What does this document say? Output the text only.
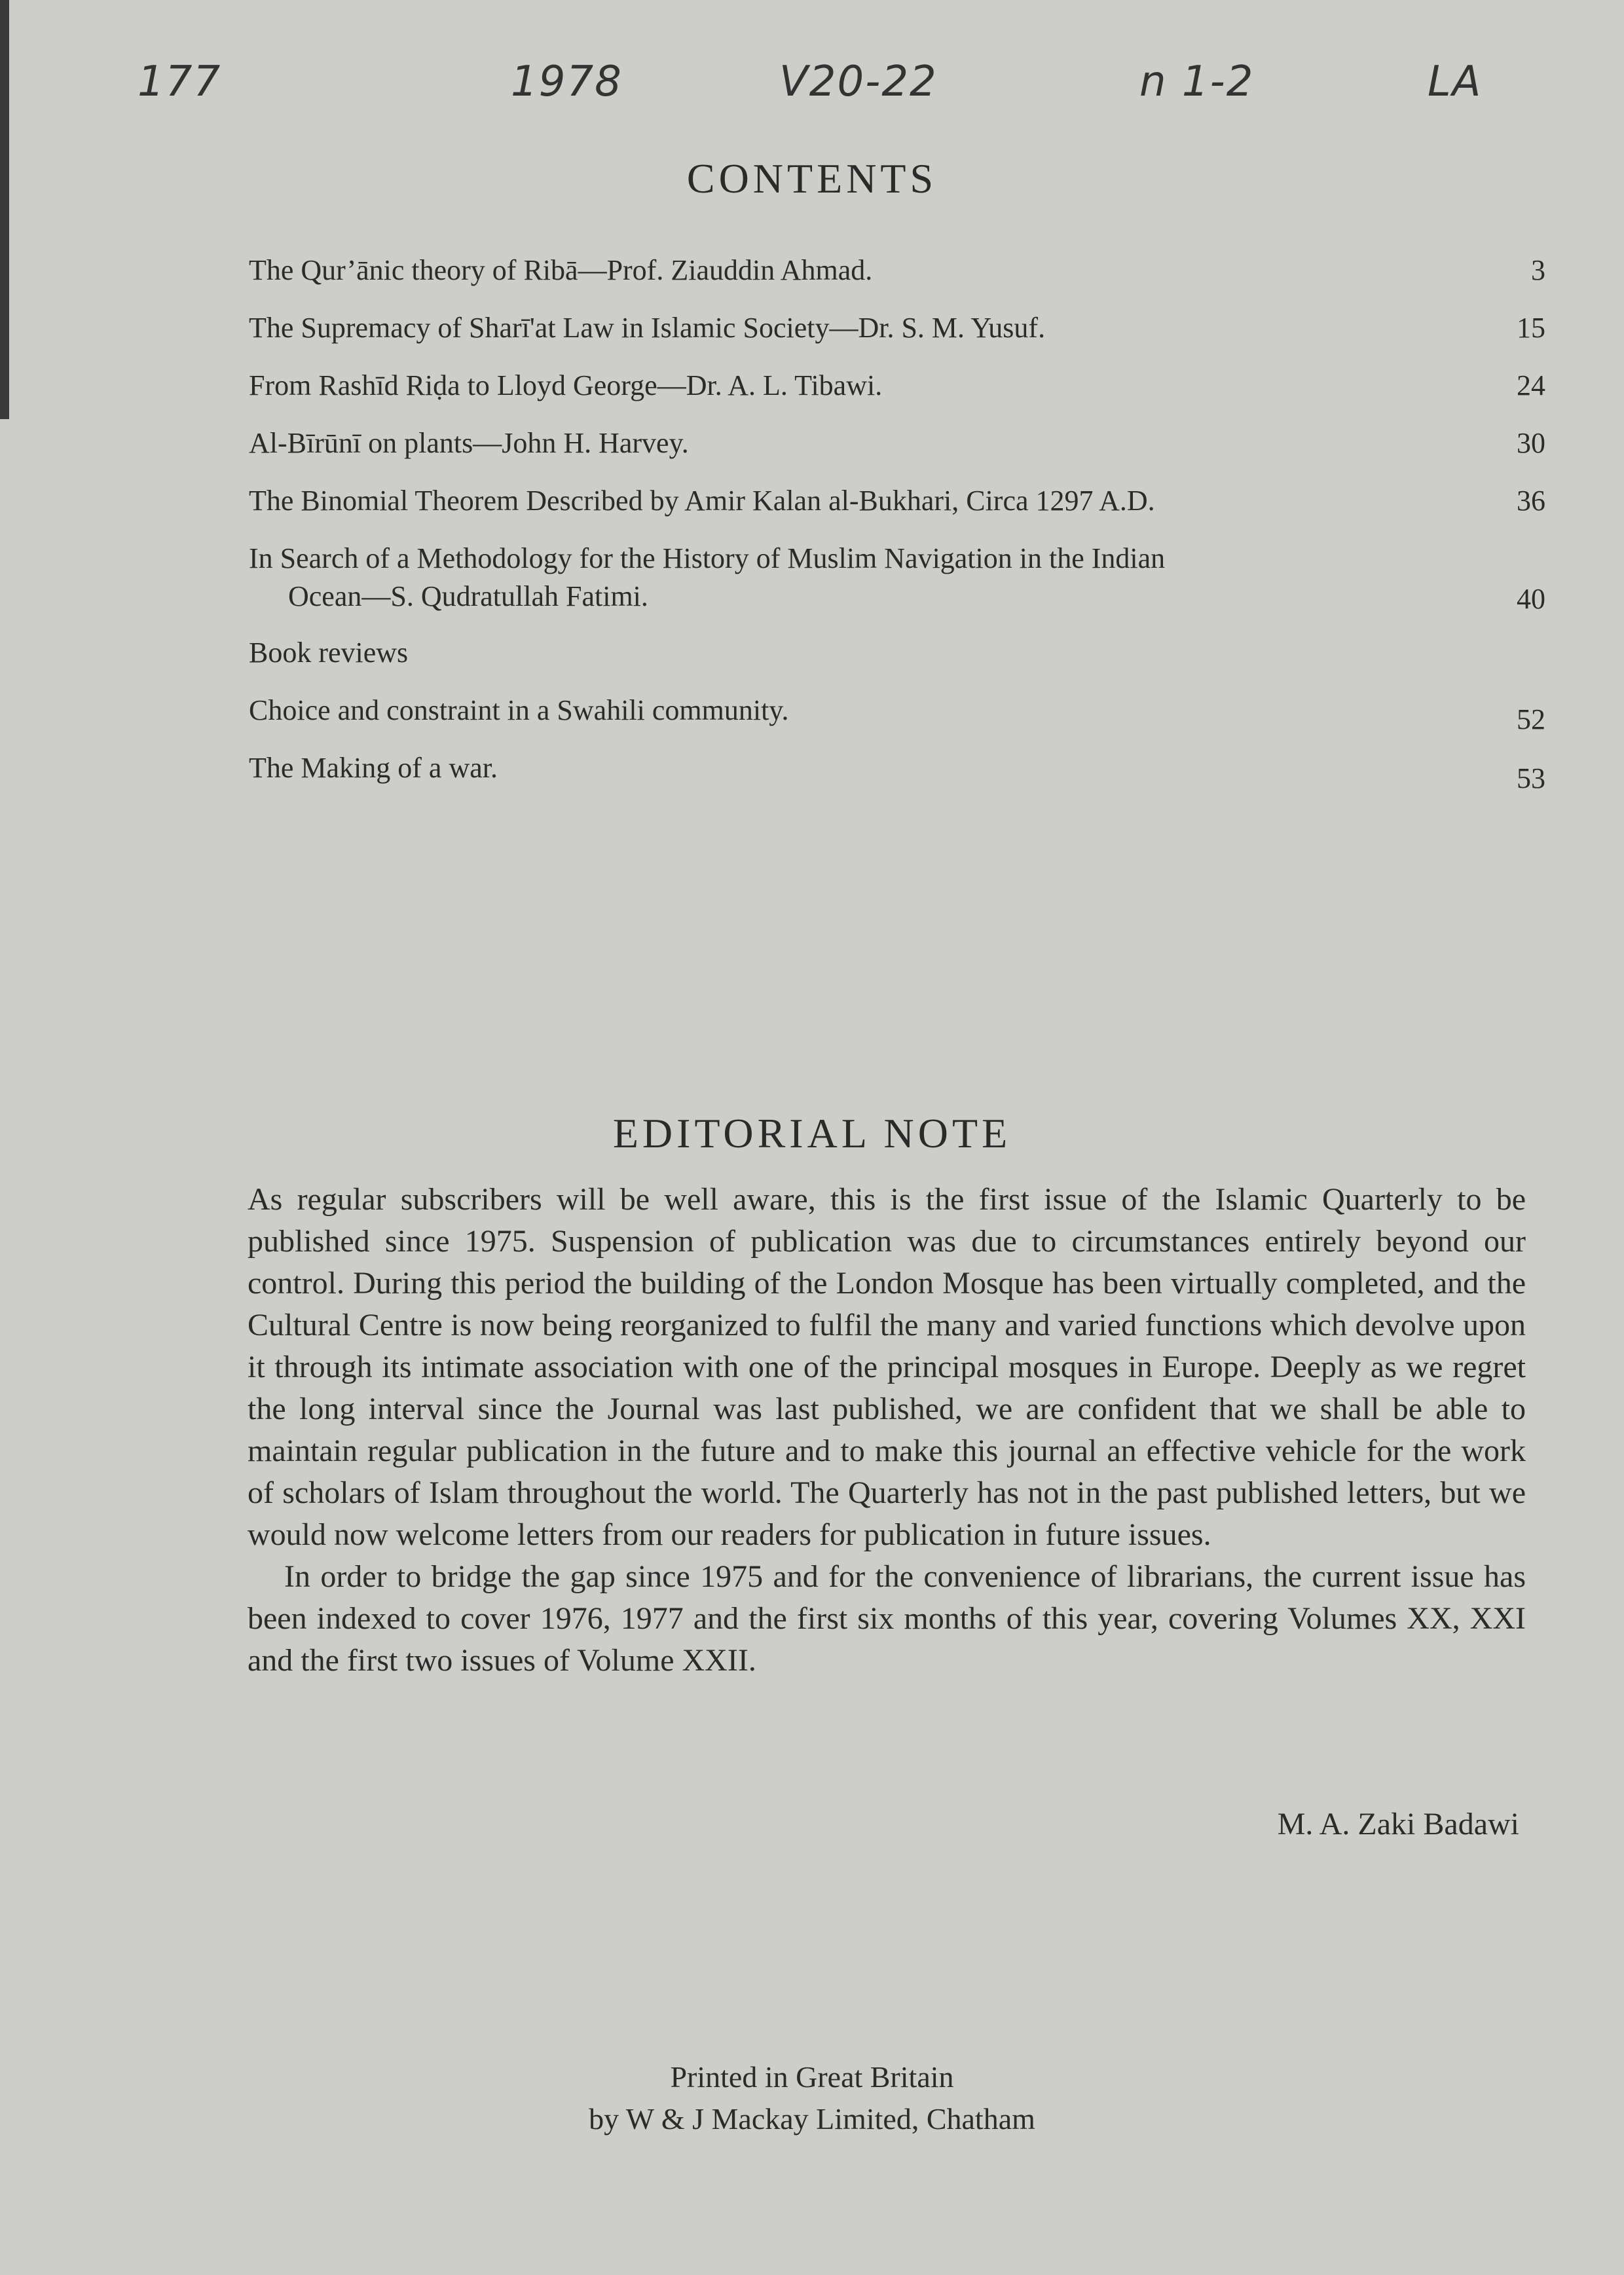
177	1978	V20-22	n 1-2	LA
CONTENTS
The Qur’ānic theory of Ribā—Prof. Ziauddin Ahmad.	3
The Supremacy of Sharī'at Law in Islamic Society—Dr. S. M. Yusuf.	15
From Rashīd Riḍa to Lloyd George—Dr. A. L. Tibawi.	24
Al-Bīrūnī on plants—John H. Harvey.	30
The Binomial Theorem Described by Amir Kalan al-Bukhari, Circa 1297 A.D.	36
In Search of a Methodology for the History of Muslim Navigation in the Indian
Ocean—S. Qudratullah Fatimi.	40
Book reviews
Choice and constraint in a Swahili community.	52
The Making of a war.	53
EDITORIAL NOTE

As regular subscribers will be well aware, this is the first issue of the Islamic Quarterly to be published since 1975. Suspension of publication was due to circumstances entirely beyond our control. During this period the building of the London Mosque has been virtually completed, and the Cultural Centre is now being reorganized to fulfil the many and varied functions which devolve upon it through its intimate association with one of the principal mosques in Europe. Deeply as we regret the long interval since the Journal was last published, we are confident that we shall be able to maintain regular publication in the future and to make this journal an effective vehicle for the work of scholars of Islam throughout the world. The Quarterly has not in the past published letters, but we would now welcome letters from our readers for publication in future issues.

In order to bridge the gap since 1975 and for the convenience of librarians, the current issue has been indexed to cover 1976, 1977 and the first six months of this year, covering Volumes XX, XXI and the first two issues of Volume XXII.

M. A. Zaki Badawi
Printed in Great Britain
by W & J Mackay Limited, Chatham
